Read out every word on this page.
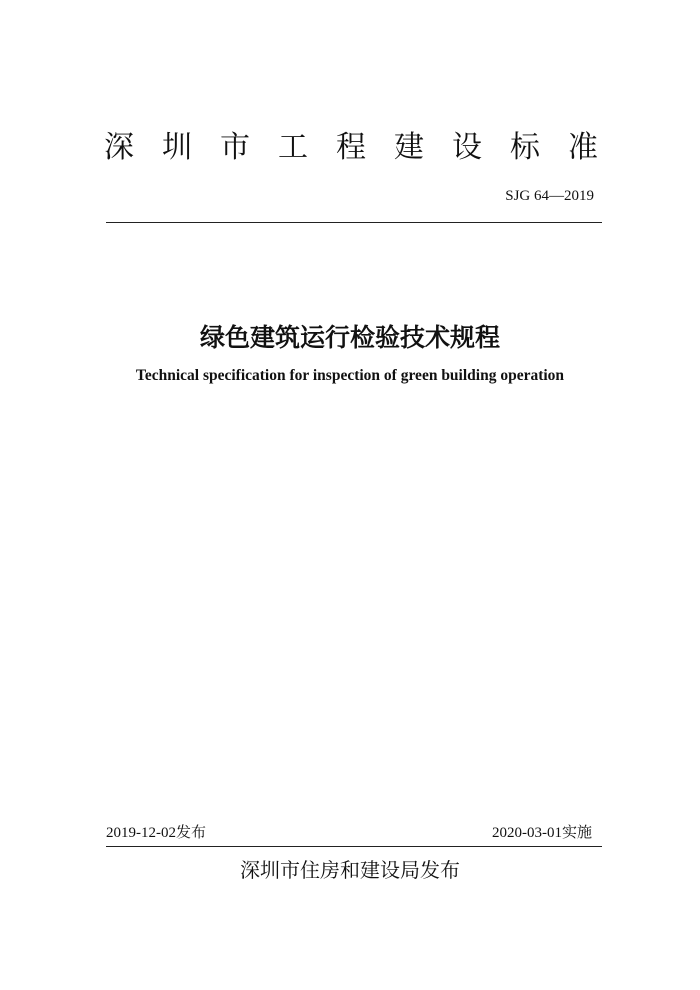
深 圳 市 工 程 建 设 标 准
SJG 64—2019
绿色建筑运行检验技术规程
Technical specification for inspection of green building operation
2019-12-02发布	2020-03-01实施
深圳市住房和建设局发布
